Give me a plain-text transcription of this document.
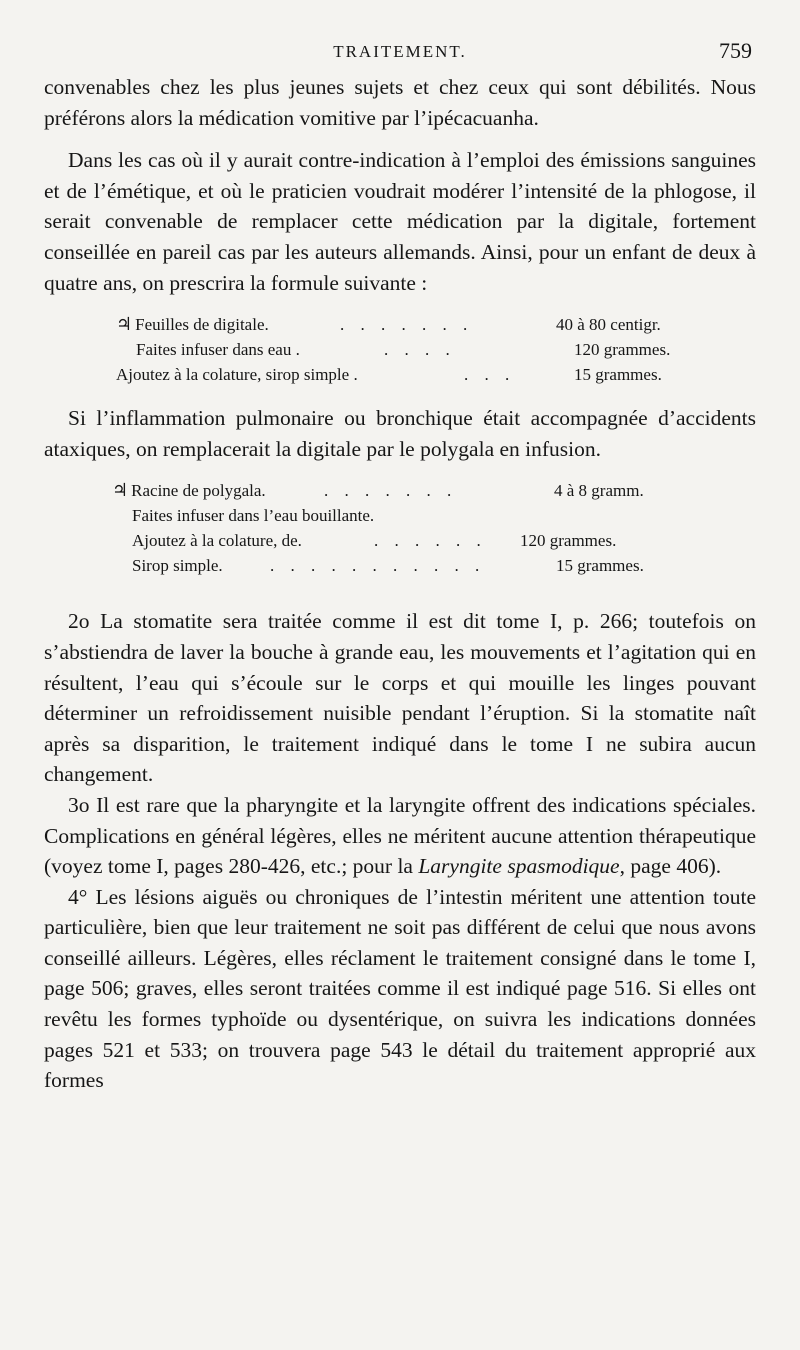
TRAITEMENT.	759

convenables chez les plus jeunes sujets et chez ceux qui sont débilités. Nous préférons alors la médication vomitive par l’ipécacuanha.

Dans les cas où il y aurait contre-indication à l’emploi des émissions sanguines et de l’émétique, et où le praticien voudrait modérer l’intensité de la phlogose, il serait convenable de remplacer cette médication par la digitale, fortement conseillée en pareil cas par les auteurs allemands. Ainsi, pour un enfant de deux à quatre ans, on prescrira la formule suivante :

♃ Feuilles de digitale.	. . . . . . .	40 à 80 centigr.
Faites infuser dans eau .	. . . .	120 grammes.
Ajoutez à la colature, sirop simple .	. . .	15 grammes.

Si l’inflammation pulmonaire ou bronchique était accompagnée d’accidents ataxiques, on remplacerait la digitale par le polygala en infusion.

♃ Racine de polygala.	. . . . . . .	4 à 8 gramm.
Faites infuser dans l’eau bouillante.
Ajoutez à la colature, de.	. . . . . . 120 grammes.
Sirop simple.	. . . . . . . . . . .	15 grammes.

2o La stomatite sera traitée comme il est dit tome I, p. 266; toutefois on s’abstiendra de laver la bouche à grande eau, les mouvements et l’agitation qui en résultent, l’eau qui s’écoule sur le corps et qui mouille les linges pouvant déterminer un refroidissement nuisible pendant l’éruption. Si la stomatite naît après sa disparition, le traitement indiqué dans le tome I ne subira aucun changement.

3o Il est rare que la pharyngite et la laryngite offrent des indications spéciales. Complications en général légères, elles ne méritent aucune attention thérapeutique (voyez tome I, pages 280-426, etc.; pour la Laryngite spasmodique, page 406).

4° Les lésions aiguës ou chroniques de l’intestin méritent une attention toute particulière, bien que leur traitement ne soit pas différent de celui que nous avons conseillé ailleurs. Légères, elles réclament le traitement consigné dans le tome I, page 506; graves, elles seront traitées comme il est indiqué page 516. Si elles ont revêtu les formes typhoïde ou dysentérique, on suivra les indications données pages 521 et 533; on trouvera page 543 le détail du traitement approprié aux formes
